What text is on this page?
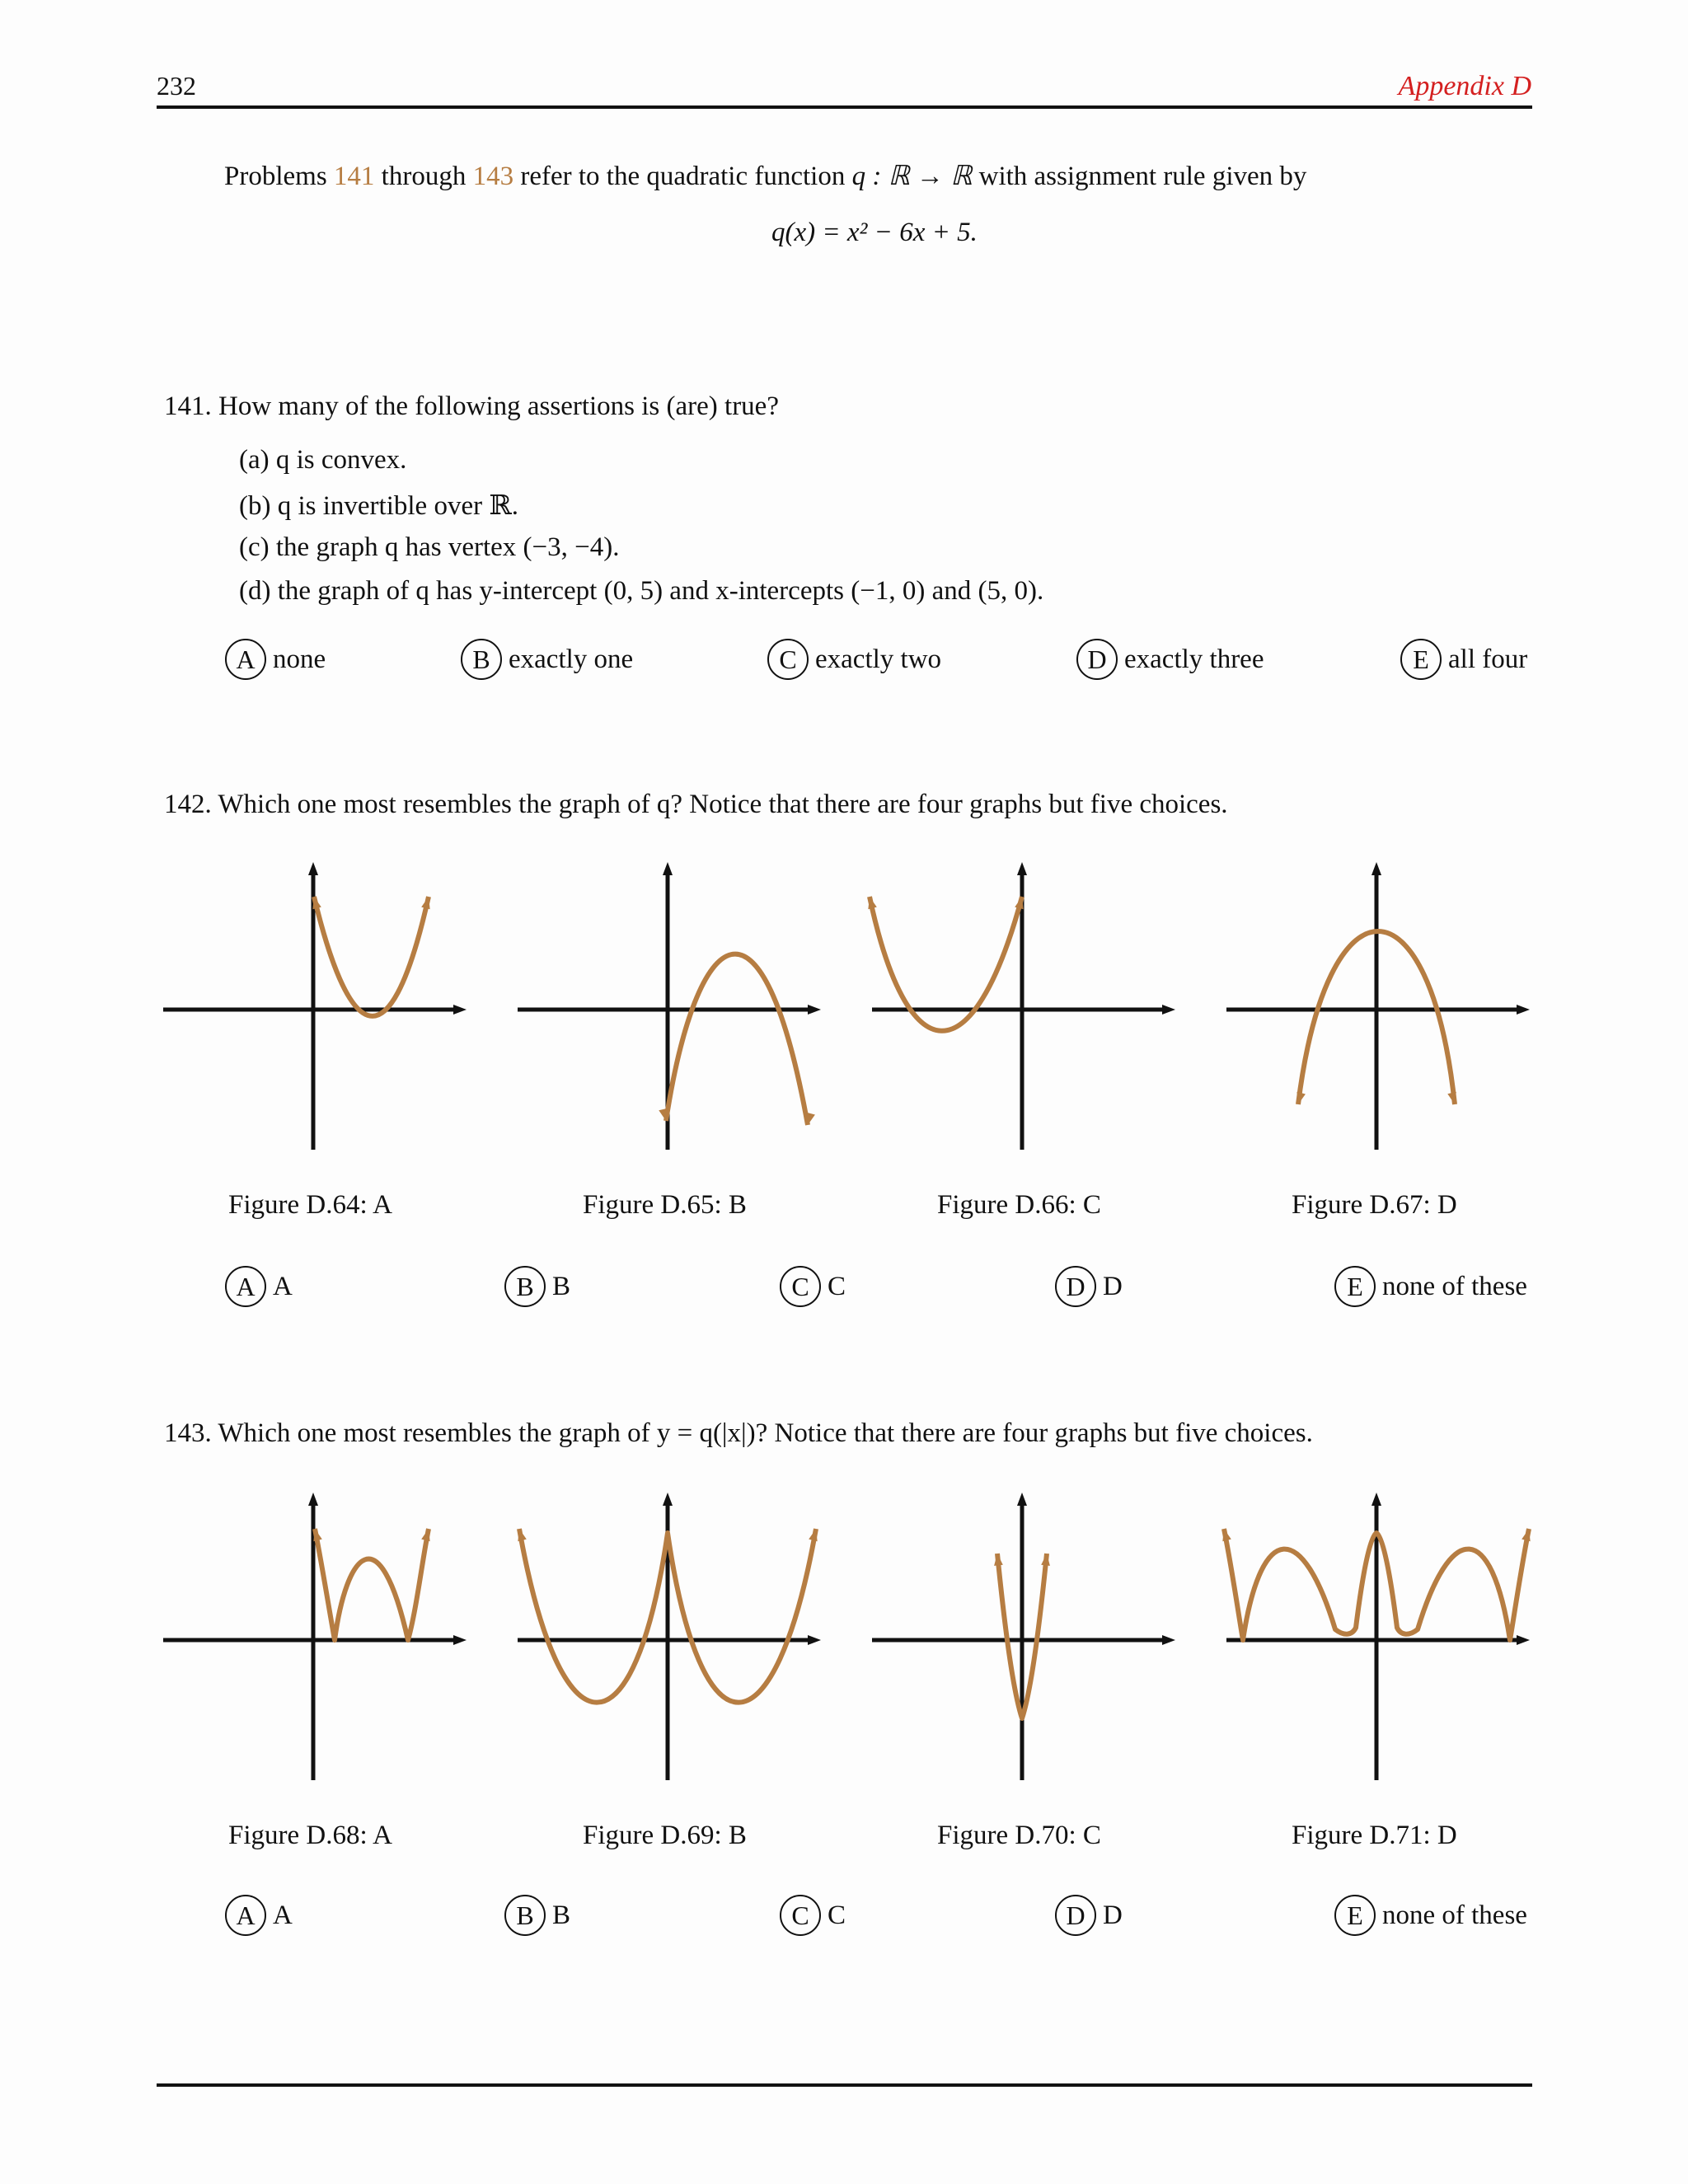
232	Appendix D
Problems 141 through 143 refer to the quadratic function q : ℝ → ℝ with assignment rule given by
q(x) = x² − 6x + 5.
141. How many of the following assertions is (are) true?
(a) q is convex.
(b) q is invertible over ℝ.
(c) the graph q has vertex (−3, −4).
(d) the graph of q has y-intercept (0, 5) and x-intercepts (−1, 0) and (5, 0).
A none	B exactly one	C exactly two	D exactly three	E all four
142. Which one most resembles the graph of q? Notice that there are four graphs but five choices.
Figure D.64: A	Figure D.65: B	Figure D.66: C	Figure D.67: D
A A	B B	C C	D D	E none of these
143. Which one most resembles the graph of y = q(|x|)? Notice that there are four graphs but five choices.
Figure D.68: A	Figure D.69: B	Figure D.70: C	Figure D.71: D
A A	B B	C C	D D	E none of these
